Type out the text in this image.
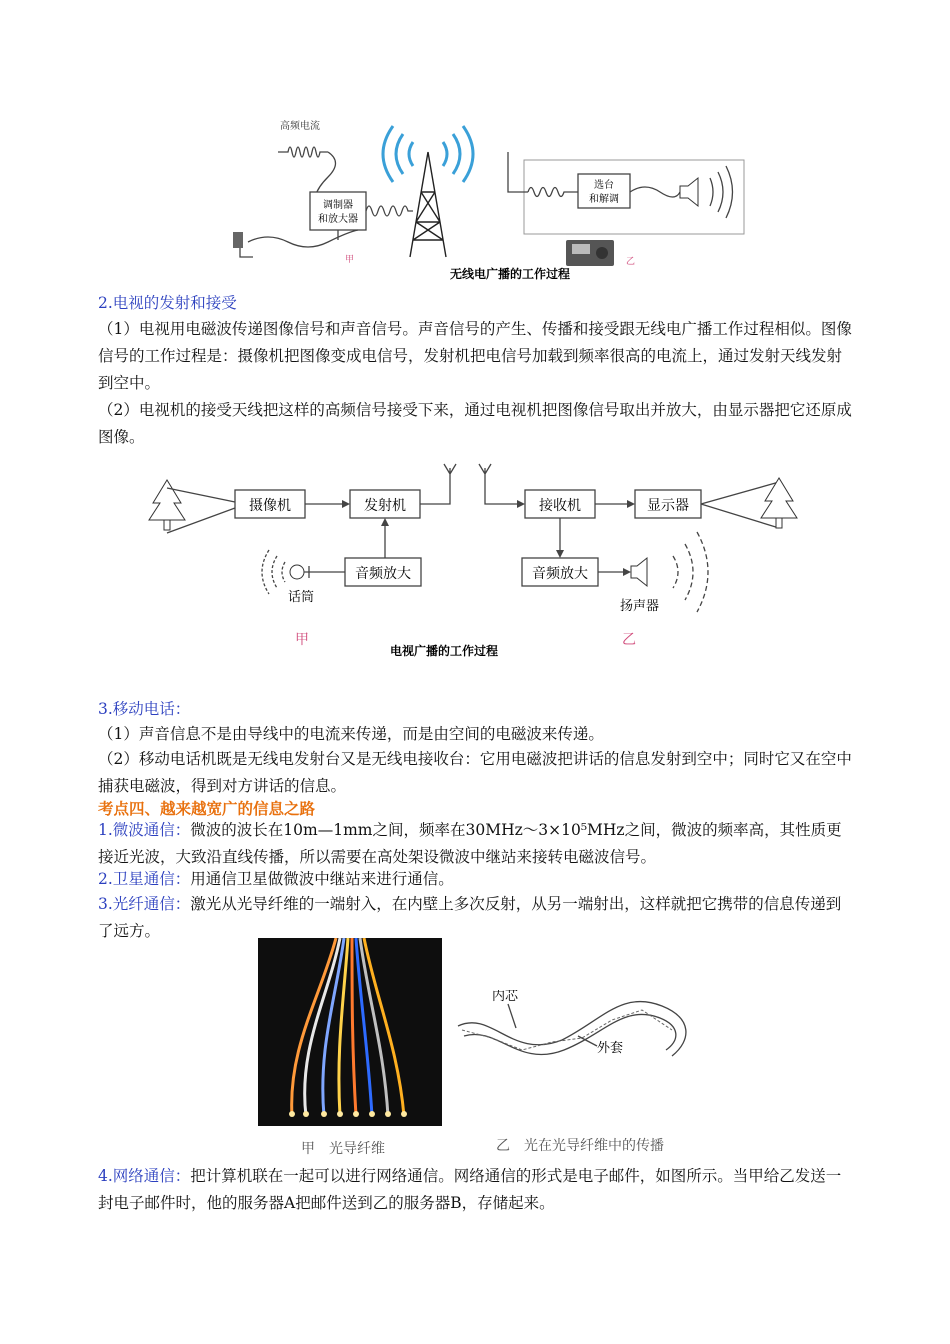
高频电流
调制器
和放大器
甲
无线电广播的工作过程
选台
和解调
乙
2.电视的发射和接受
（1）电视用电磁波传递图像信号和声音信号。声音信号的产生、传播和接受跟无线电广播工作过程相似。图像信号的工作过程是：摄像机把图像变成电信号，发射机把电信号加载到频率很高的电流上，通过发射天线发射到空中。
（2）电视机的接受天线把这样的高频信号接受下来，通过电视机把图像信号取出并放大，由显示器把它还原成图像。
摄像机	发射机
音频放大
话筒
甲
电视广播的工作过程
接收机	显示器
音频放大
扬声器
乙
3.移动电话：
（1）声音信息不是由导线中的电流来传递，而是由空间的电磁波来传递。
（2）移动电话机既是无线电发射台又是无线电接收台：它用电磁波把讲话的信息发射到空中；同时它又在空中捕获电磁波，得到对方讲话的信息。
考点四、越来越宽广的信息之路
1.微波通信：微波的波长在10m—1mm之间，频率在30MHz～3×10⁵MHz之间，微波的频率高，其性质更接近光波，大致沿直线传播，所以需要在高处架设微波中继站来接转电磁波信号。
2.卫星通信：用通信卫星做微波中继站来进行通信。
3.光纤通信：激光从光导纤维的一端射入，在内壁上多次反射，从另一端射出，这样就把它携带的信息传递到了远方。
内芯
外套
甲　光导纤维	乙　光在光导纤维中的传播
4.网络通信：把计算机联在一起可以进行网络通信。网络通信的形式是电子邮件，如图所示。当甲给乙发送一封电子邮件时，他的服务器A把邮件送到乙的服务器B，存储起来。
